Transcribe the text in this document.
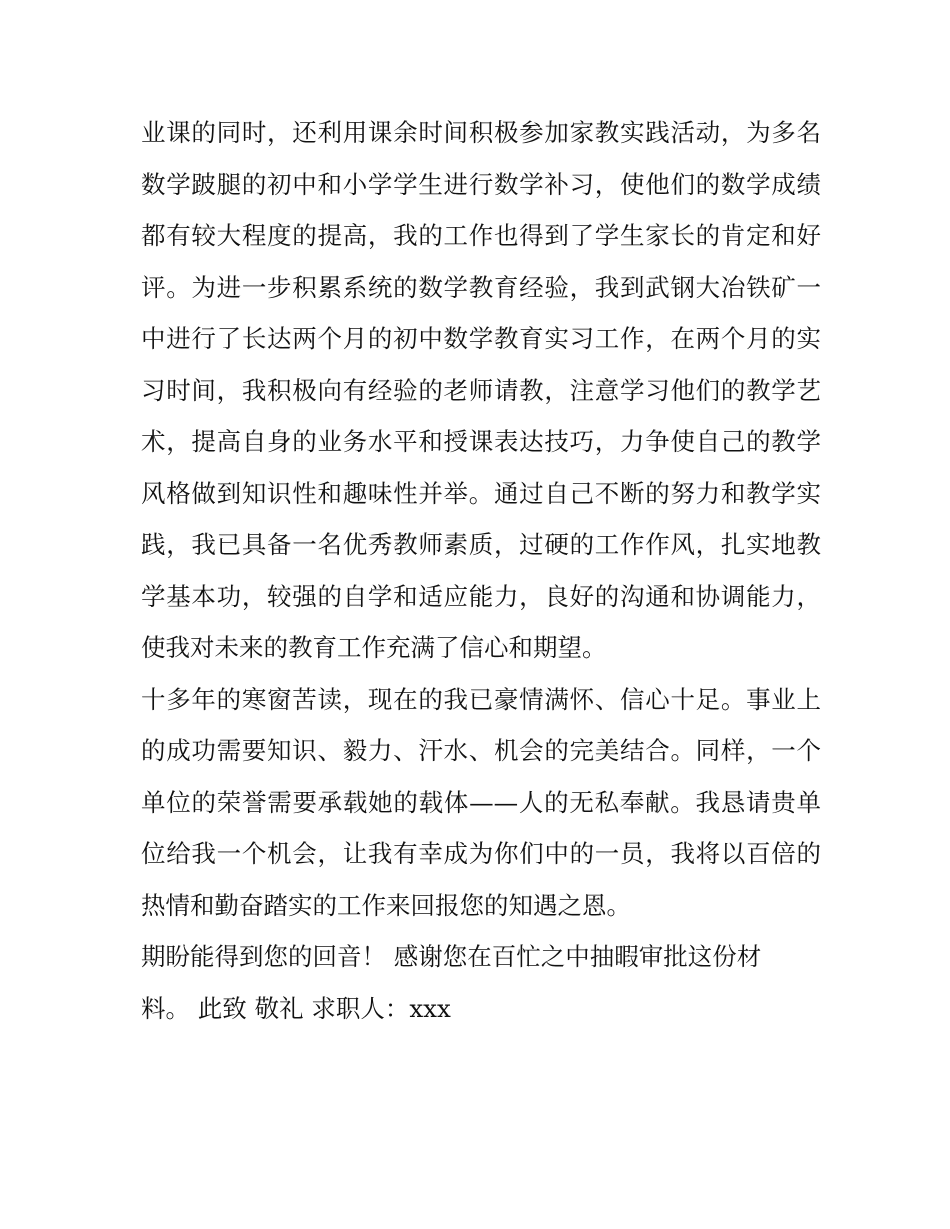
业课的同时，还利用课余时间积极参加家教实践活动，为多名
数学跛腿的初中和小学学生进行数学补习，使他们的数学成绩
都有较大程度的提高，我的工作也得到了学生家长的肯定和好
评。为进一步积累系统的数学教育经验，我到武钢大冶铁矿一
中进行了长达两个月的初中数学教育实习工作，在两个月的实
习时间，我积极向有经验的老师请教，注意学习他们的教学艺
术，提高自身的业务水平和授课表达技巧，力争使自己的教学
风格做到知识性和趣味性并举。通过自己不断的努力和教学实
践，我已具备一名优秀教师素质，过硬的工作作风，扎实地教
学基本功，较强的自学和适应能力，良好的沟通和协调能力，
使我对未来的教育工作充满了信心和期望。
十多年的寒窗苦读，现在的我已豪情满怀、信心十足。事业上
的成功需要知识、毅力、汗水、机会的完美结合。同样，一个
单位的荣誉需要承载她的载体——人的无私奉献。我恳请贵单
位给我一个机会，让我有幸成为你们中的一员，我将以百倍的
热情和勤奋踏实的工作来回报您的知遇之恩。
期盼能得到您的回音！ 感谢您在百忙之中抽暇审批这份材
料。 此致 敬礼 求职人：xxx
